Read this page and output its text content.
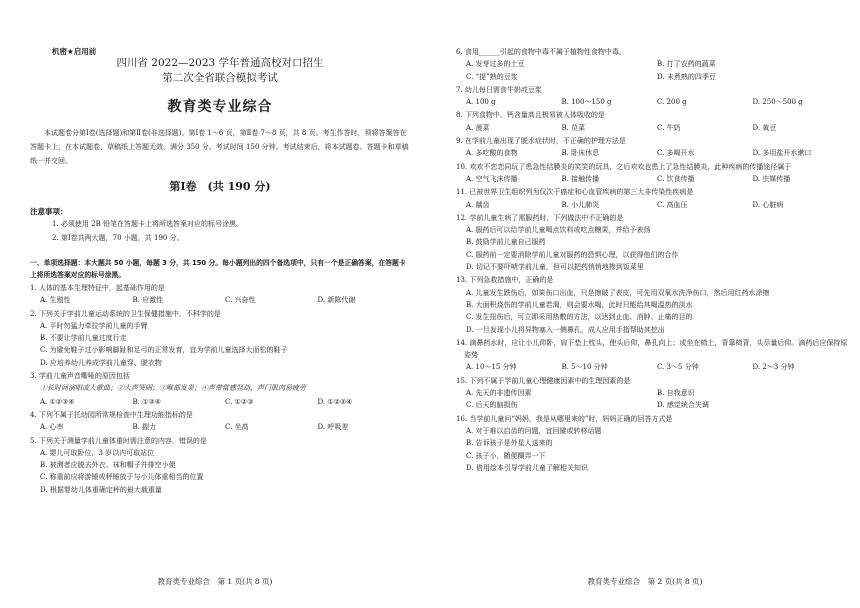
机密★启用前
四川省 2022—2023 学年普通高校对口招生
第二次全省联合模拟考试
教育类专业综合
本试题卷分第Ⅰ卷(选择题)和第Ⅱ卷(非选择题)。第Ⅰ卷 1～6 页，第Ⅱ卷 7～8 页，共 8 页。考生作答时，须将答案答在答题卡上，在本试题卷、草稿纸上答题无效。满分 350 分。考试时间 150 分钟。考试结束后，将本试题卷、答题卡和草稿纸一并交回。
第Ⅰ卷　(共 190 分)
注意事项：
1. 必须使用 2B 铅笔在答题卡上将所选答案对应的标号涂黑。
2. 第Ⅰ卷共两大题，70 小题，共 190 分。
一、单项选择题：本大题共 50 小题，每题 3 分，共 150 分。每小题列出的四个备选项中，只有一个是正确答案，在答题卡上将所选答案对应的标号涂黑。
1. 人体的基本生理特征中，起基础作用的是
A. 生殖性	B. 应激性	C. 兴奋性	D. 新陈代谢
2. 下列关于学前儿童运动系统的卫生保健措施中，不科学的是
A. 平时勿猛力牵拉学前儿童的手臂
B. 不要让学前儿童过度行走
C. 为避免鞋子过小影响脚趾和足弓的正常发育，宜为学前儿童选择大而松的鞋子
D. 应培养幼儿养成学前儿童穿、脱衣物
3. 学前儿童声音嘶哑的原因包括
①长时间演唱或大歌曲；②大声哭闹；③喉部发炎；④声带常感竖劫，声门肌肉易疲劳
A. ①②③④	B. ①③④	C. ①②③	D. ①②③④
4. 下列不属于托幼园所常规检查中生理功能指标的是
A. 心率	B. 握力	C. 坐高	D. 呼吸差
5. 下列关于测量学前儿童体重时需注意的内容，错误的是
A. 婴儿可取卧位，3 岁以内可取站位
B. 被测者应脱去外衣、袜和帽子并排空小便
C. 称重前应将游锤或秤锤放于与小儿体重相当的位置
D. 根据婴幼儿体重确定秤的最大载重量
教育类专业综合　第 1 页(共 8 页)
6. 食用______引起的食物中毒不属于植物性食物中毒。
A. 发芽过多的土豆	B. 打了农药的蔬菜
C. “提”熟的豆浆	D. 未煮熟的四季豆
7. 幼儿每日需食牛奶或豆浆
A. 100 g	B. 100～150 g	C. 200 g	D. 250～500 g
8. 下列食物中，钙含量高且极易被人体吸收的是
A. 菠菜	B. 苋菜	C. 牛奶	D. 黄豆
9. 在学前儿童出现了脱水症状时，不正确的护理方法是
A. 多吃酸的食物	B. 卧床休息	C. 多喝开水	D. 多用盐开水漱口
10. 欢欢不恋恋同玩了患急性结膜炎的笑笑的玩具，之后欢欢也患上了急性结膜炎，此种疾病的传播途径属于
A. 空气飞沫传播	B. 接触传播	C. 饮食传播	D. 虫媒传播
11. 已被世界卫生组织列为仅次于癌症和心血管疾病的第三大非传染性疾病是
A. 龋齿	B. 小儿肺炎	C. 高血压	D. 心脏病
12. 学前儿童生病了需服药时，下列做法中不正确的是
A. 服药后可以给学前儿童喝点饮料或吃点糖果，并给予表扬
B. 鼓励学前儿童自己服药
C. 服药前一定要消除学前儿童对服药的恐惧心理，以获得他们的合作
D. 切记不要吓唬学前儿童，但可以把药悄悄地掺到饭菜里
13. 下列急救措施中，正确的是
A. 儿童发生跌伤后，如果伤口出血，只是擦破了表皮，可先用双氧水洗净伤口，然后用红药水涂擦
B. 大面积烧伤的学前儿童若渴，则会要水喝，此时只能给其喝温热的淡水
C. 发生扭伤后，可立即采用热敷的方法，以达到止血、消肿、止痛的目的
D. 一旦发现小儿将异物塞入一侧鼻孔，成人应用手指帮助其挖出
14. 滴鼻药水时，应让小儿仰卧，肩下垫上枕头，使头后仰，鼻孔向上；或坐在椅上，背靠椅背，头尽量后仰。滴药后应保持原姿势
A. 10～15 分钟	B. 5～10 分钟	C. 3～5 分钟	D. 2～3 分钟
15. 下列不属于学前儿童心理健康因素中的生理因素的是
A. 先天的非遗传因素	B. 自我意识
C. 后天的脑损伤	D. 感觉统合失调
16. 当学前儿童问“妈妈，我是从哪里来的”时，妈妈正确的回答方式是
A. 对于难以启齿的问题，宜回避或转移话题
B. 告诉孩子是外星人送来的
C. 孩子小，随便糊弄一下
D. 借用绘本引导学前儿童了解相关知识
教育类专业综合　第 2 页(共 8 页)
